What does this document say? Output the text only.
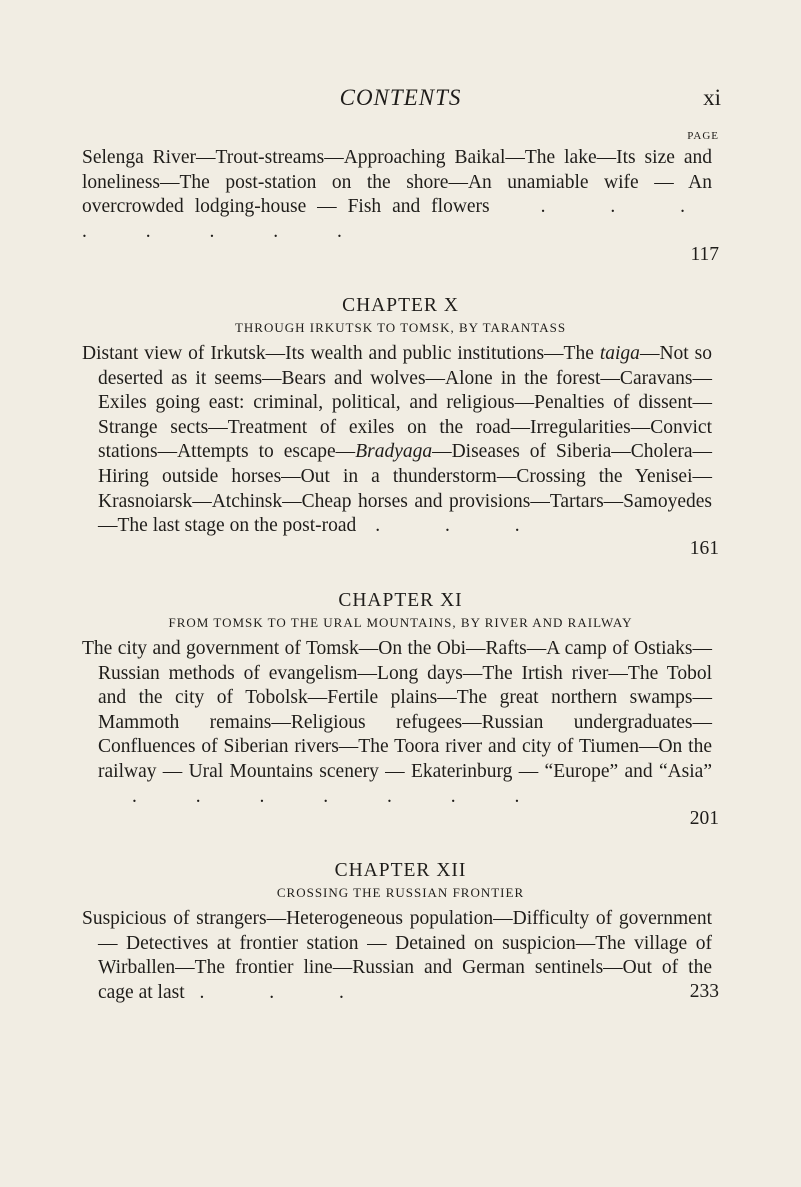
CONTENTS	xi
PAGE
Selenga River—Trout-streams—Approaching Baikal—The lake—Its size and loneliness—The post-station on the shore—An unamiable wife — An overcrowded lodging-house — Fish and flowers	. . . . . . . .
117
CHAPTER X
THROUGH IRKUTSK TO TOMSK, BY TARANTASS
Distant view of Irkutsk—Its wealth and public institutions—The taiga—Not so deserted as it seems—Bears and wolves—Alone in the forest—Caravans—Exiles going east: criminal, political, and religious—Penalties of dissent—Strange sects—Treatment of exiles on the road—Irregularities—Convict stations—Attempts to escape—Bradyaga—Diseases of Siberia—Cholera—Hiring outside horses—Out in a thunderstorm—Crossing the Yenisei—Krasnoiarsk—Atchinsk—Cheap horses and provisions—Tartars—Samoyedes—The last stage on the post-road . . .
161
CHAPTER XI
FROM TOMSK TO THE URAL MOUNTAINS, BY RIVER AND RAILWAY
The city and government of Tomsk—On the Obi—Rafts—A camp of Ostiaks—Russian methods of evangelism—Long days—The Irtish river—The Tobol and the city of Tobolsk—Fertile plains—The great northern swamps—Mammoth remains—Religious refugees—Russian undergraduates—Confluences of Siberian rivers—The Toora river and city of Tiumen—On the railway — Ural Mountains scenery — Ekaterinburg — “Europe” and “Asia” . . . . . . .
201
CHAPTER XII
CROSSING THE RUSSIAN FRONTIER
Suspicious of strangers—Heterogeneous population—Difficulty of government — Detectives at frontier station — Detained on suspicion—The village of Wirballen—The frontier line—Russian and German sentinels—Out of the cage at last . . .	233
